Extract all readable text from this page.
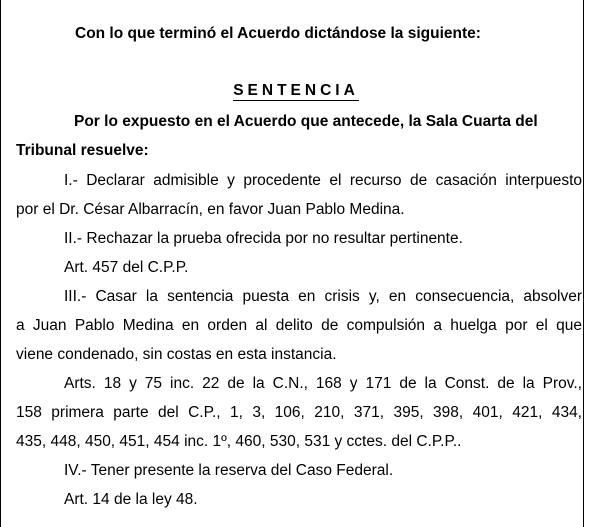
Con lo que terminó el Acuerdo dictándose la siguiente:
SENTENCIA
Por lo expuesto en el Acuerdo que antecede, la Sala Cuarta del
Tribunal resuelve:
I.- Declarar admisible y procedente el recurso de casación interpuesto
por el Dr. César Albarracín, en favor Juan Pablo Medina.
II.- Rechazar la prueba ofrecida por no resultar pertinente.
Art. 457 del C.P.P.
III.- Casar la sentencia puesta en crisis y, en consecuencia, absolver
a Juan Pablo Medina en orden al delito de compulsión a huelga por el que
viene condenado, sin costas en esta instancia.
Arts. 18 y 75 inc. 22 de la C.N., 168 y 171 de la Const. de la Prov.,
158 primera parte del C.P., 1, 3, 106, 210, 371, 395, 398, 401, 421, 434,
435, 448, 450, 451, 454 inc. 1º, 460, 530, 531 y cctes. del C.P.P..
IV.- Tener presente la reserva del Caso Federal.
Art. 14 de la ley 48.
